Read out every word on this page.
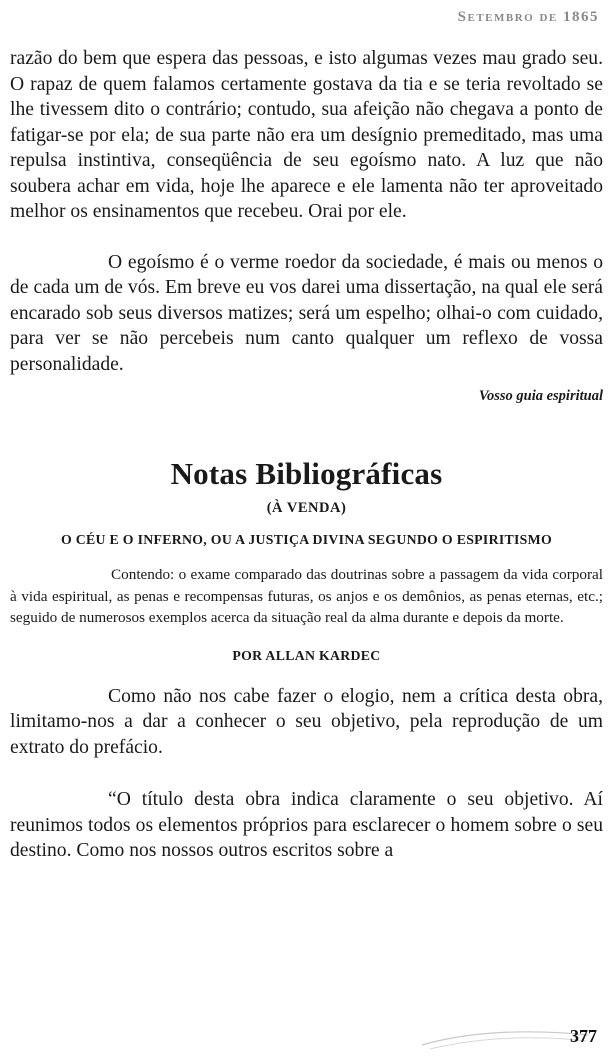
Setembro de 1865

razão do bem que espera das pessoas, e isto algumas vezes mau grado seu. O rapaz de quem falamos certamente gostava da tia e se teria revoltado se lhe tivessem dito o contrário; contudo, sua afeição não chegava a ponto de fatigar-se por ela; de sua parte não era um desígnio premeditado, mas uma repulsa instintiva, conseqüência de seu egoísmo nato. A luz que não soubera achar em vida, hoje lhe aparece e ele lamenta não ter aproveitado melhor os ensinamentos que recebeu. Orai por ele.

O egoísmo é o verme roedor da sociedade, é mais ou menos o de cada um de vós. Em breve eu vos darei uma dissertação, na qual ele será encarado sob seus diversos matizes; será um espelho; olhai-o com cuidado, para ver se não percebeis num canto qualquer um reflexo de vossa personalidade.

Vosso guia espiritual
Notas Bibliográficas
(À VENDA)
O CÉU E O INFERNO, OU A JUSTIÇA DIVINA SEGUNDO O ESPIRITISMO

Contendo: o exame comparado das doutrinas sobre a passagem da vida corporal à vida espiritual, as penas e recompensas futuras, os anjos e os demônios, as penas eternas, etc.; seguido de numerosos exemplos acerca da situação real da alma durante e depois da morte.

POR ALLAN KARDEC

Como não nos cabe fazer o elogio, nem a crítica desta obra, limitamo-nos a dar a conhecer o seu objetivo, pela reprodução de um extrato do prefácio.

“O título desta obra indica claramente o seu objetivo. Aí reunimos todos os elementos próprios para esclarecer o homem sobre o seu destino. Como nos nossos outros escritos sobre a

377
